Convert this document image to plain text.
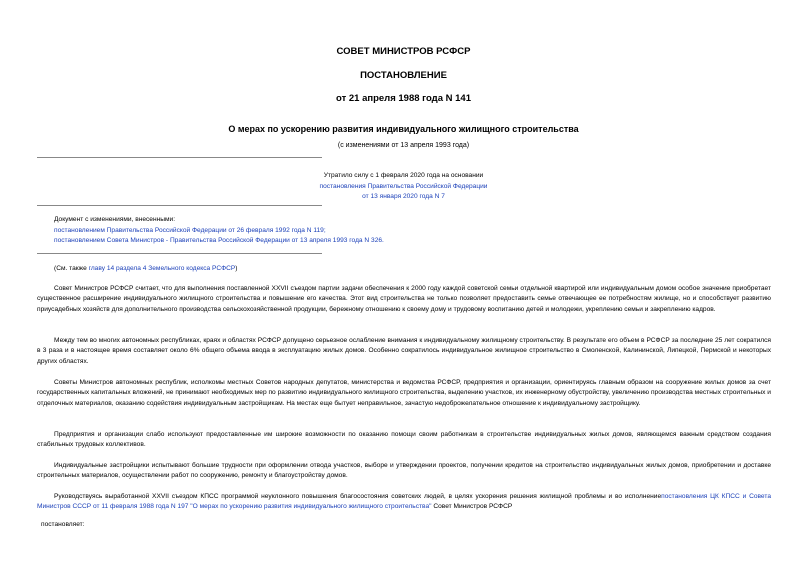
СОВЕТ МИНИСТРОВ РСФСР
ПОСТАНОВЛЕНИЕ
от 21 апреля 1988 года N 141
О мерах по ускорению развития индивидуального жилищного строительства
(с изменениями от 13 апреля 1993 года)
Утратило силу с 1 февраля 2020 года на основании
постановления Правительства Российской Федерации
от 13 января 2020 года N 7
Документ с изменениями, внесенными:
постановлением Правительства Российской Федерации от 26 февраля 1992 года N 119;
постановлением Совета Министров - Правительства Российской Федерации от 13 апреля 1993 года N 326.
(См. также главу 14 раздела 4 Земельного кодекса РСФСР)
Совет Министров РСФСР считает, что для выполнения поставленной XXVII съездом партии задачи обеспечения к 2000 году каждой советской семьи отдельной квартирой или индивидуальным домом особое значение приобретает существенное расширение индивидуального жилищного строительства и повышение его качества. Этот вид строительства не только позволяет предоставить семье отвечающее ее потребностям жилище, но и способствует развитию приусадебных хозяйств для дополнительного производства сельскохозяйственной продукции, бережному отношению к своему дому и трудовому воспитанию детей и молодежи, укреплению семьи и закреплению кадров.
Между тем во многих автономных республиках, краях и областях РСФСР допущено серьезное ослабление внимания к индивидуальному жилищному строительству. В результате его объем в РСФСР за последние 25 лет сократился в 3 раза и в настоящее время составляет около 6% общего объема ввода в эксплуатацию жилых домов. Особенно сократилось индивидуальное жилищное строительство в Смоленской, Калининской, Липецкой, Пермской и некоторых других областях.
Советы Министров автономных республик, исполкомы местных Советов народных депутатов, министерства и ведомства РСФСР, предприятия и организации, ориентируясь главным образом на сооружение жилых домов за счет государственных капитальных вложений, не принимают необходимых мер по развитию индивидуального жилищного строительства, выделению участков, их инженерному обустройству, увеличению производства местных строительных и отделочных материалов, оказанию содействия индивидуальным застройщикам. На местах еще бытует неправильное, зачастую недоброжелательное отношение к индивидуальному застройщику.
Предприятия и организации слабо используют предоставленные им широкие возможности по оказанию помощи своим работникам в строительстве индивидуальных жилых домов, являющемся важным средством создания стабильных трудовых коллективов.
Индивидуальные застройщики испытывают большие трудности при оформлении отвода участков, выборе и утверждении проектов, получении кредитов на строительство индивидуальных жилых домов, приобретении и доставке строительных материалов, осуществлении работ по сооружению, ремонту и благоустройству домов.
Руководствуясь выработанной XXVII съездом КПСС программой неуклонного повышения благосостояния советских людей, в целях ускорения решения жилищной проблемы и во исполнениепостановления ЦК КПСС и Совета Министров СССР от 11 февраля 1988 года N 197 "О мерах по ускорению развития индивидуального жилищного строительства" Совет Министров РСФСР
постановляет:
